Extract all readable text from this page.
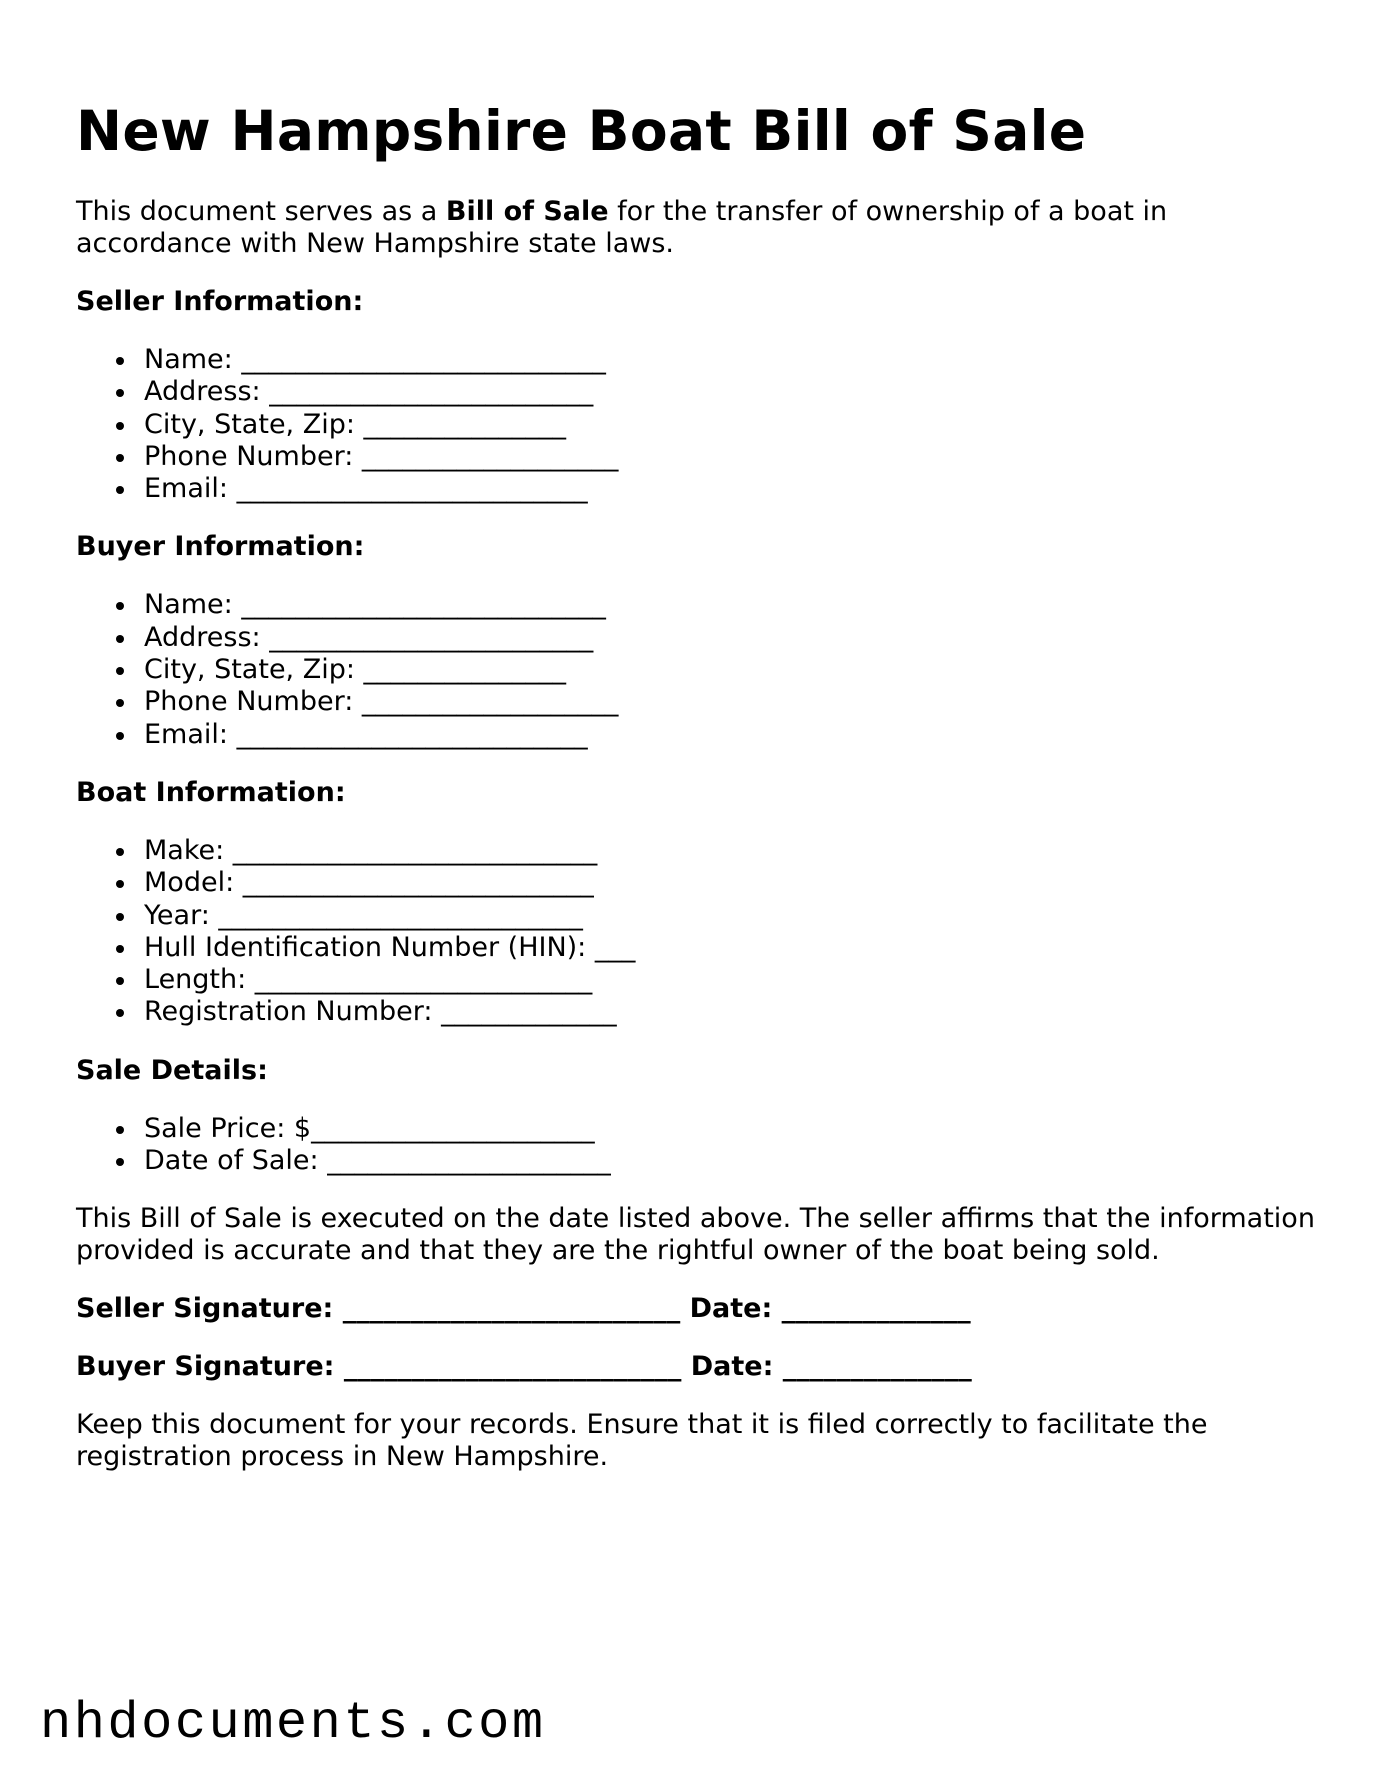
New Hampshire Boat Bill of Sale

This document serves as a Bill of Sale for the transfer of ownership of a boat in accordance with New Hampshire state laws.

Seller Information:
Name: ___________________________
Address: ________________________
City, State, Zip: _______________
Phone Number: ___________________
Email: __________________________
Buyer Information:
Name: ___________________________
Address: ________________________
City, State, Zip: _______________
Phone Number: ___________________
Email: __________________________
Boat Information:
Make: ___________________________
Model: __________________________
Year: ___________________________
Hull Identification Number (HIN): ___
Length: _________________________
Registration Number: _____________
Sale Details:
Sale Price: $_____________________
Date of Sale: _____________________

This Bill of Sale is executed on the date listed above. The seller affirms that the information provided is accurate and that they are the rightful owner of the boat being sold.

Seller Signature: _________________________ Date: ______________
Buyer Signature: _________________________ Date: ______________

Keep this document for your records. Ensure that it is filed correctly to facilitate the registration process in New Hampshire.

nhdocuments.com
